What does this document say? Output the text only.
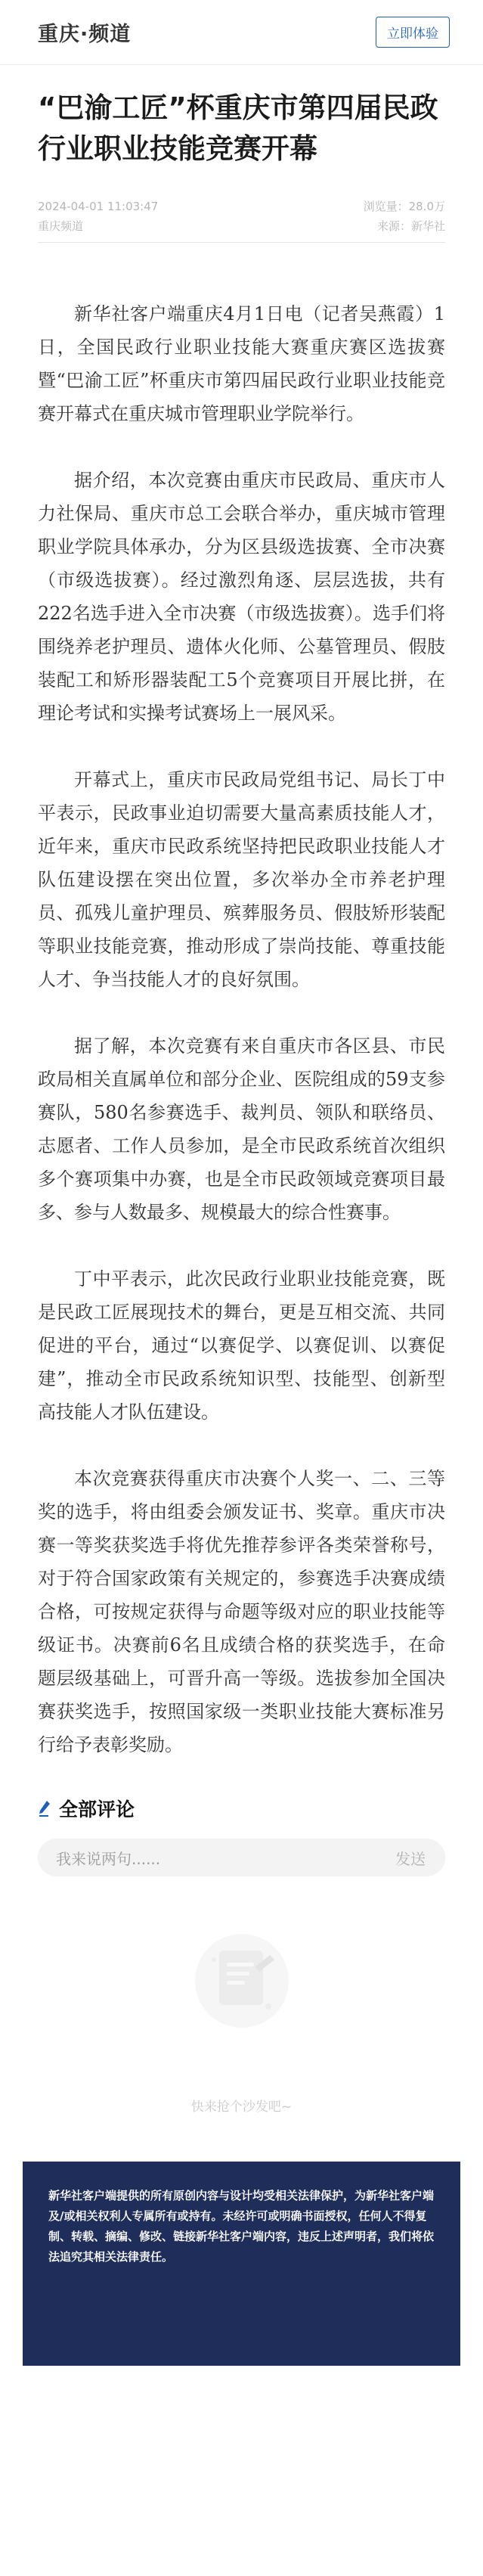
重庆·频道	立即体验
“巴渝工匠”杯重庆市第四届民政行业职业技能竞赛开幕
2024-04-01 11:03:47	浏览量：28.0万
重庆频道	来源：新华社

新华社客户端重庆4月1日电（记者吴燕霞）1日，全国民政行业职业技能大赛重庆赛区选拔赛暨“巴渝工匠”杯重庆市第四届民政行业职业技能竞赛开幕式在重庆城市管理职业学院举行。

据介绍，本次竞赛由重庆市民政局、重庆市人力社保局、重庆市总工会联合举办，重庆城市管理职业学院具体承办，分为区县级选拔赛、全市决赛（市级选拔赛）。经过激烈角逐、层层选拔，共有222名选手进入全市决赛（市级选拔赛）。选手们将围绕养老护理员、遗体火化师、公墓管理员、假肢装配工和矫形器装配工5个竞赛项目开展比拼，在理论考试和实操考试赛场上一展风采。

开幕式上，重庆市民政局党组书记、局长丁中平表示，民政事业迫切需要大量高素质技能人才，近年来，重庆市民政系统坚持把民政职业技能人才队伍建设摆在突出位置，多次举办全市养老护理员、孤残儿童护理员、殡葬服务员、假肢矫形装配等职业技能竞赛，推动形成了崇尚技能、尊重技能人才、争当技能人才的良好氛围。

据了解，本次竞赛有来自重庆市各区县、市民政局相关直属单位和部分企业、医院组成的59支参赛队，580名参赛选手、裁判员、领队和联络员、志愿者、工作人员参加，是全市民政系统首次组织多个赛项集中办赛，也是全市民政领域竞赛项目最多、参与人数最多、规模最大的综合性赛事。

丁中平表示，此次民政行业职业技能竞赛，既是民政工匠展现技术的舞台，更是互相交流、共同促进的平台，通过“以赛促学、以赛促训、以赛促建”，推动全市民政系统知识型、技能型、创新型高技能人才队伍建设。

本次竞赛获得重庆市决赛个人奖一、二、三等奖的选手，将由组委会颁发证书、奖章。重庆市决赛一等奖获奖选手将优先推荐参评各类荣誉称号，对于符合国家政策有关规定的，参赛选手决赛成绩合格，可按规定获得与命题等级对应的职业技能等级证书。决赛前6名且成绩合格的获奖选手，在命题层级基础上，可晋升高一等级。选拔参加全国决赛获奖选手，按照国家级一类职业技能大赛标准另行给予表彰奖励。

全部评论
我来说两句......	发送
快来抢个沙发吧~
新华社客户端提供的所有原创内容与设计均受相关法律保护，为新华社客户端及/或相关权利人专属所有或持有。未经许可或明确书面授权，任何人不得复制、转载、摘编、修改、链接新华社客户端内容，违反上述声明者，我们将依法追究其相关法律责任。
